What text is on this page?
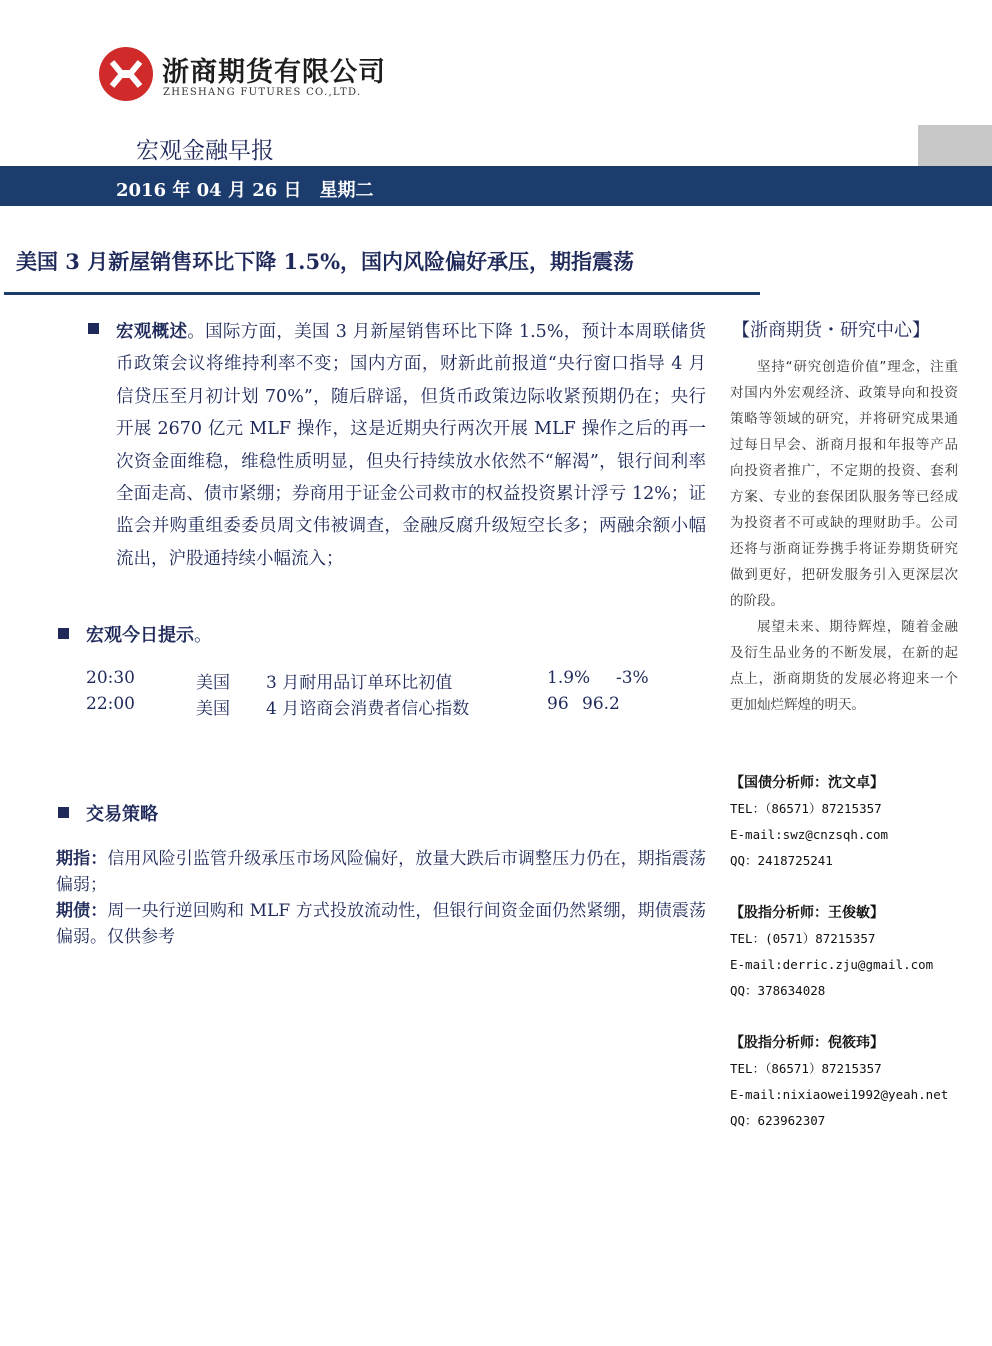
浙商期货有限公司
ZHESHANG FUTURES CO.,LTD.
宏观金融早报
2016 年 04 月 26 日　星期二
美国 3 月新屋销售环比下降 1.5%，国内风险偏好承压，期指震荡
宏观概述。国际方面，美国 3 月新屋销售环比下降 1.5%，预计本周联储货币政策会议将维持利率不变；国内方面，财新此前报道“央行窗口指导 4 月信贷压至月初计划 70%”，随后辟谣，但货币政策边际收紧预期仍在；央行开展 2670 亿元 MLF 操作，这是近期央行两次开展 MLF 操作之后的再一次资金面维稳，维稳性质明显，但央行持续放水依然不“解渴”，银行间利率全面走高、债市紧绷；券商用于证金公司救市的权益投资累计浮亏 12%；证监会并购重组委委员周文伟被调查，金融反腐升级短空长多；两融余额小幅流出，沪股通持续小幅流入；
宏观今日提示。
20:30	美国 3 月耐用品订单环比初值	1.9% -3%
22:00	美国 4 月谘商会消费者信心指数	96 96.2
交易策略

期指：信用风险引监管升级承压市场风险偏好，放量大跌后市调整压力仍在，期指震荡偏弱；

期债：周一央行逆回购和 MLF 方式投放流动性，但银行间资金面仍然紧绷，期债震荡偏弱。仅供参考

【浙商期货・研究中心】

坚持“研究创造价值”理念，注重对国内外宏观经济、政策导向和投资策略等领域的研究，并将研究成果通过每日早会、浙商月报和年报等产品向投资者推广，不定期的投资、套利方案、专业的套保团队服务等已经成为投资者不可或缺的理财助手。公司还将与浙商证券携手将证券期货研究做到更好，把研发服务引入更深层次的阶段。

展望未来、期待辉煌，随着金融及衍生品业务的不断发展，在新的起点上，浙商期货的发展必将迎来一个更加灿烂辉煌的明天。

【国债分析师：沈文卓】
TEL：（86571）87215357
E-mail:swz@cnzsqh.com
QQ：2418725241
【股指分析师：王俊敏】
TEL：(0571）87215357
E-mail:derric.zju@gmail.com
QQ：378634028
【股指分析师：倪筱玮】
TEL：（86571）87215357
E-mail:nixiaowei1992@yeah.net
QQ：623962307
